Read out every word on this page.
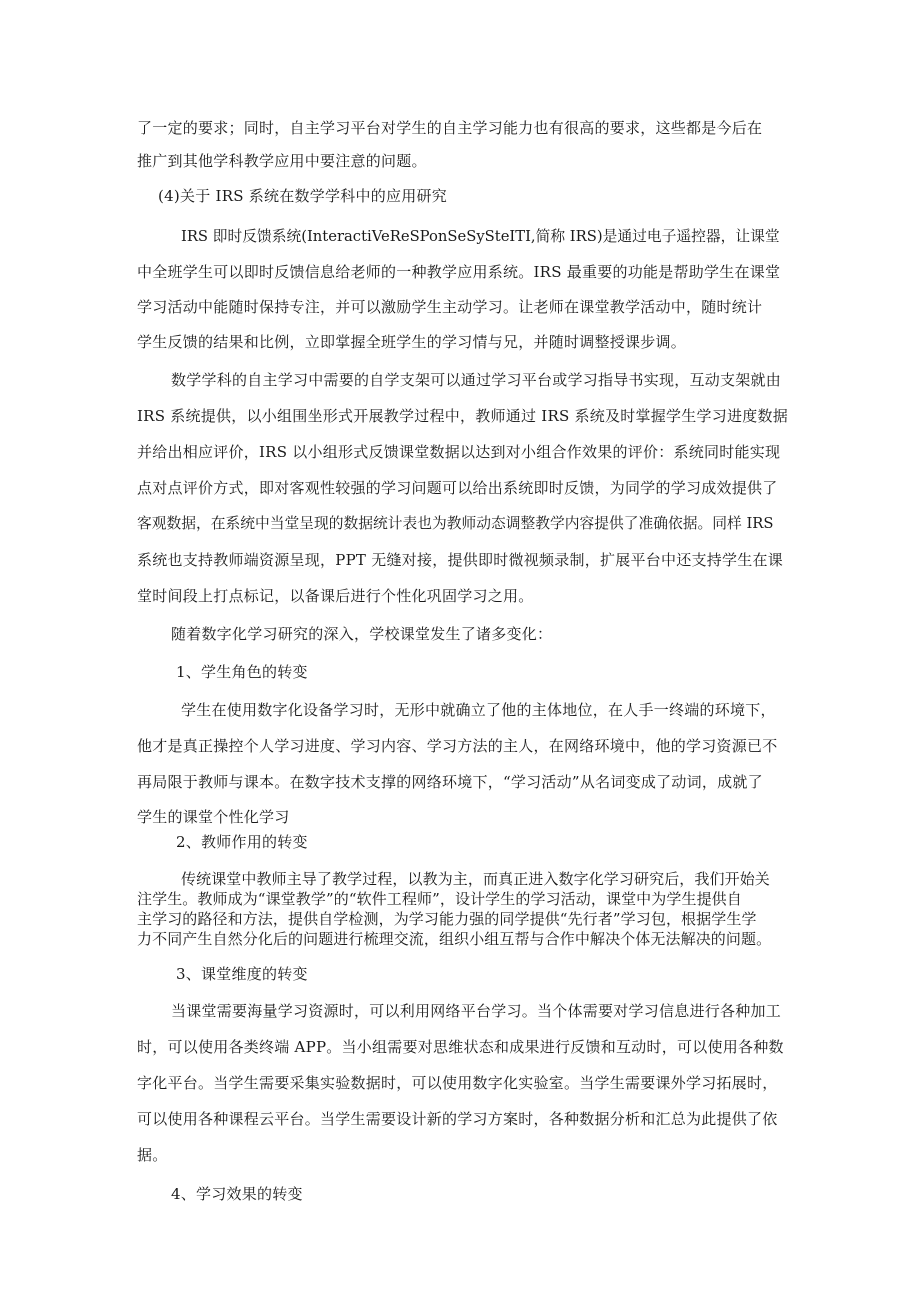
了一定的要求；同时，自主学习平台对学生的自主学习能力也有很高的要求，这些都是今后在
推广到其他学科教学应用中要注意的问题。
(4)关于 IRS 系统在数学学科中的应用研究
IRS 即时反馈系统(InteractiVeReSPonSeSySteITI,简称 IRS)是通过电子遥控器，让课堂
中全班学生可以即时反馈信息给老师的一种教学应用系统。IRS 最重要的功能是帮助学生在课堂
学习活动中能随时保持专注，并可以激励学生主动学习。让老师在课堂教学活动中，随时统计
学生反馈的结果和比例，立即掌握全班学生的学习情与兄，并随时调整授课步调。
数学学科的自主学习中需要的自学支架可以通过学习平台或学习指导书实现，互动支架就由
IRS 系统提供，以小组围坐形式开展教学过程中，教师通过 IRS 系统及时掌握学生学习进度数据
并给出相应评价，IRS 以小组形式反馈课堂数据以达到对小组合作效果的评价：系统同时能实现
点对点评价方式，即对客观性较强的学习问题可以给出系统即时反馈，为同学的学习成效提供了
客观数据，在系统中当堂呈现的数据统计表也为教师动态调整教学内容提供了准确依据。同样 IRS
系统也支持教师端资源呈现，PPT 无缝对接，提供即时微视频录制，扩展平台中还支持学生在课
堂时间段上打点标记，以备课后进行个性化巩固学习之用。
随着数字化学习研究的深入，学校课堂发生了诸多变化：
1、学生角色的转变
学生在使用数字化设备学习时，无形中就确立了他的主体地位，在人手一终端的环境下，
他才是真正操控个人学习进度、学习内容、学习方法的主人，在网络环境中，他的学习资源已不
再局限于教师与课本。在数字技术支撑的网络环境下，“学习活动”从名词变成了动词，成就了
学生的课堂个性化学习
2、教师作用的转变
传统课堂中教师主导了教学过程，以教为主，而真正进入数字化学习研究后，我们开始关
注学生。教师成为“课堂教学”的“软件工程师”，设计学生的学习活动，课堂中为学生提供自
主学习的路径和方法，提供自学检测，为学习能力强的同学提供“先行者”学习包，根据学生学
力不同产生自然分化后的问题进行梳理交流，组织小组互帮与合作中解决个体无法解决的问题。
3、课堂维度的转变
当课堂需要海量学习资源时，可以利用网络平台学习。当个体需要对学习信息进行各种加工
时，可以使用各类终端 APP。当小组需要对思维状态和成果进行反馈和互动时，可以使用各种数
字化平台。当学生需要采集实验数据时，可以使用数字化实验室。当学生需要课外学习拓展时，
可以使用各种课程云平台。当学生需要设计新的学习方案时，各种数据分析和汇总为此提供了依
据。
4、学习效果的转变
